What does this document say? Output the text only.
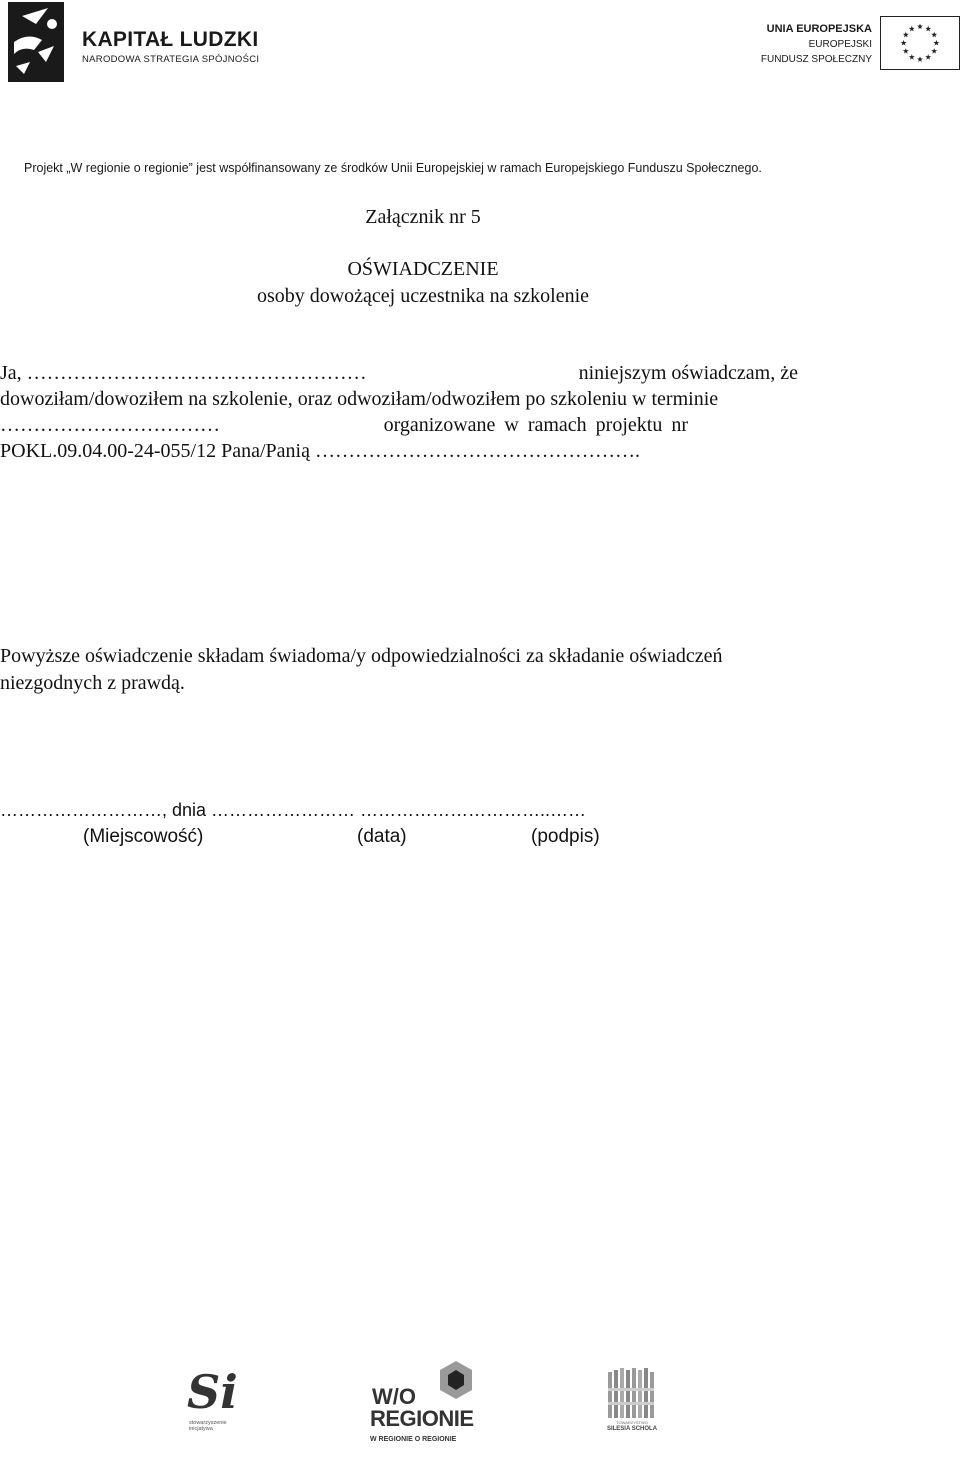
KAPITAŁ LUDZKI
NARODOWA STRATEGIA SPÓJNOŚCI
UNIA EUROPEJSKA
EUROPEJSKI
FUNDUSZ SPOŁECZNY
Projekt „W regionie o regionie” jest współfinansowany ze środków Unii Europejskiej w ramach Europejskiego Funduszu Społecznego.
Załącznik nr 5
OŚWIADCZENIE
osoby dowożącej uczestnika na szkolenie
Ja, ……………………………………………	niniejszym oświadczam, że
dowoziłam/dowoziłem na szkolenie, oraz odwoziłam/odwoziłem po szkoleniu w terminie
……………………………	organizowane w ramach projektu nr
POKL.09.04.00-24-055/12 Pana/Panią ………………………………………….
Powyższe oświadczenie składam świadoma/y odpowiedzialności za składanie oświadczeń
niezgodnych z prawdą.
………………………, dnia …………………… …………………………..……
(Miejscowość)	(data)	(podpis)
Si
stowarzyszenie
inicjatywa
W/O
REGIONIE
W REGIONIE O REGIONIE
TOWARZYSTWO
SILESIA SCHOLA
